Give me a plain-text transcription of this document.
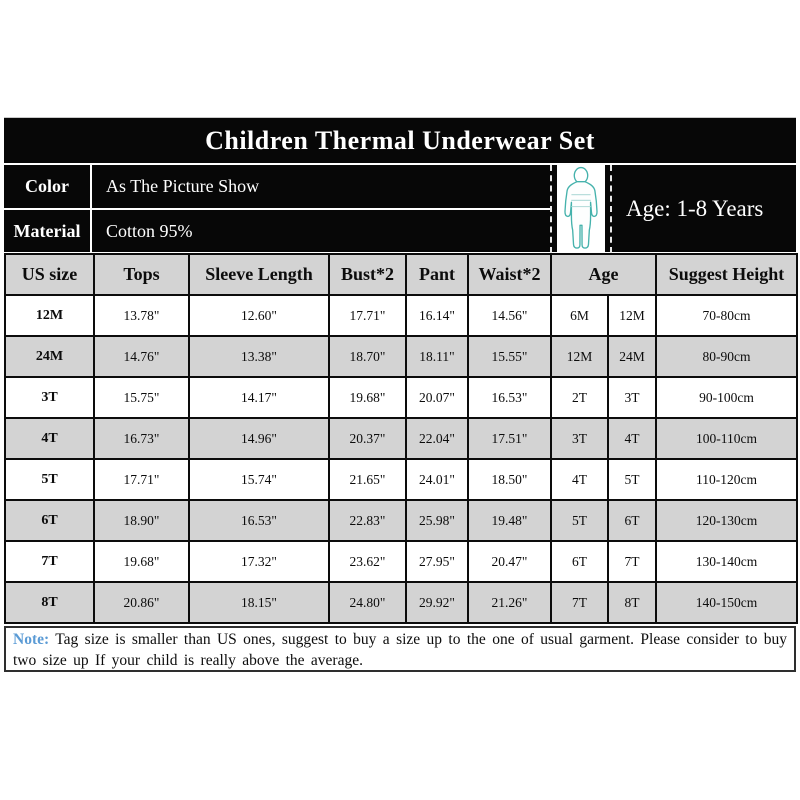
Children Thermal Underwear Set
Color	As The Picture Show
Material	Cotton 95%
Age: 1-8 Years
US size	Tops	Sleeve Length	Bust*2	Pant	Waist*2	Age		Suggest Height
12M	13.78"	12.60"	17.71"	16.14"	14.56"	6M	12M	70-80cm
24M	14.76"	13.38"	18.70"	18.11"	15.55"	12M	24M	80-90cm
3T	15.75"	14.17"	19.68"	20.07"	16.53"	2T	3T	90-100cm
4T	16.73"	14.96"	20.37"	22.04"	17.51"	3T	4T	100-110cm
5T	17.71"	15.74"	21.65"	24.01"	18.50"	4T	5T	110-120cm
6T	18.90"	16.53"	22.83"	25.98"	19.48"	5T	6T	120-130cm
7T	19.68"	17.32"	23.62"	27.95"	20.47"	6T	7T	130-140cm
8T	20.86"	18.15"	24.80"	29.92"	21.26"	7T	8T	140-150cm
Note: Tag size is smaller than US ones, suggest to buy a size up to the one of usual garment. Please consider to buy two size up If your child is really above the average.
